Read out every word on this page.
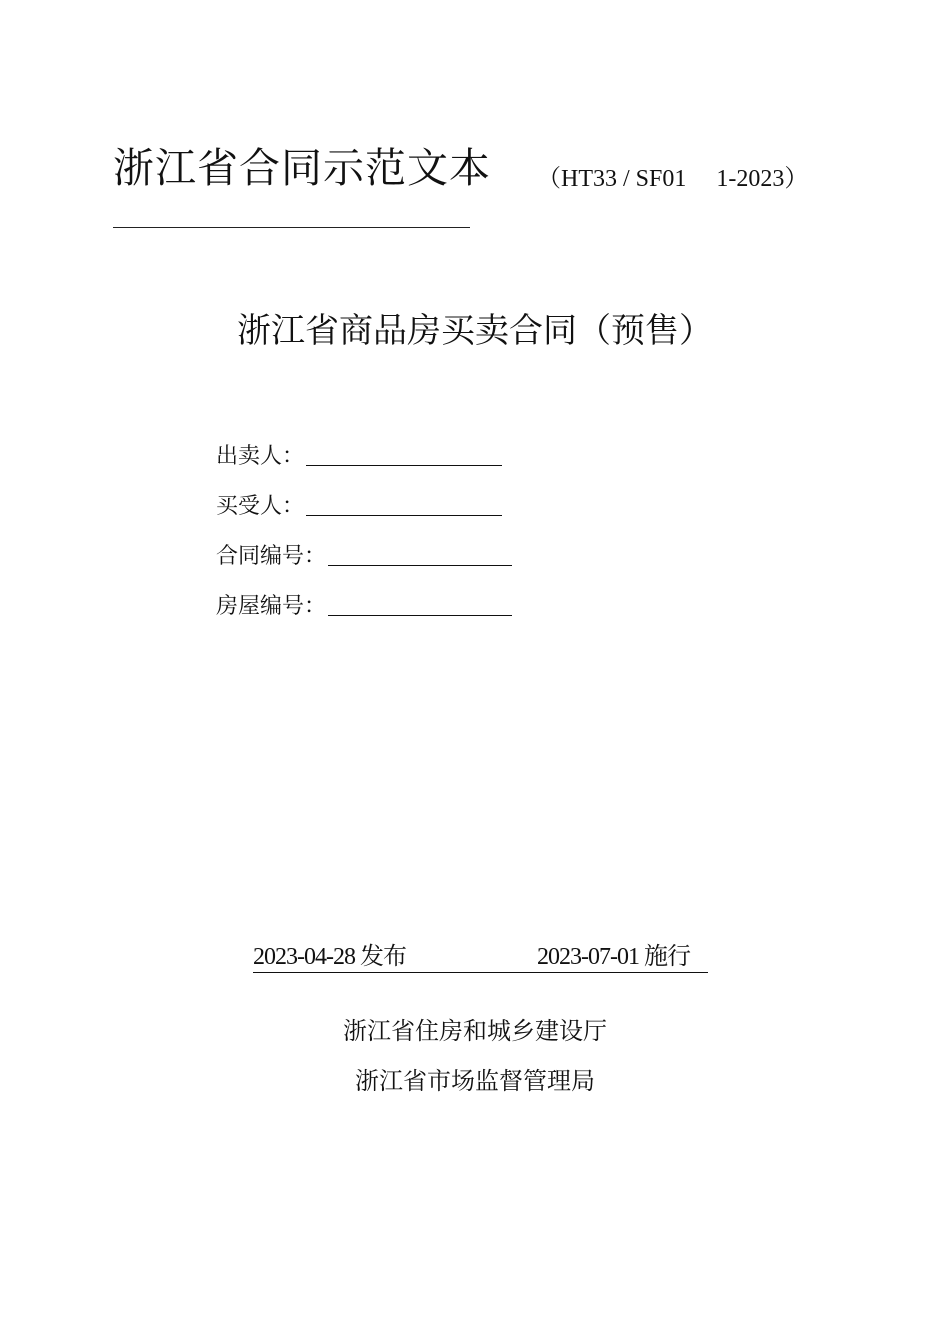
浙江省合同示范文本 （HT33 / SF01　 1-2023）
浙江省商品房买卖合同（预售）
出卖人：
买受人：
合同编号：
房屋编号：
2023-04-28 发布	2023-07-01 施行
浙江省住房和城乡建设厅
浙江省市场监督管理局
